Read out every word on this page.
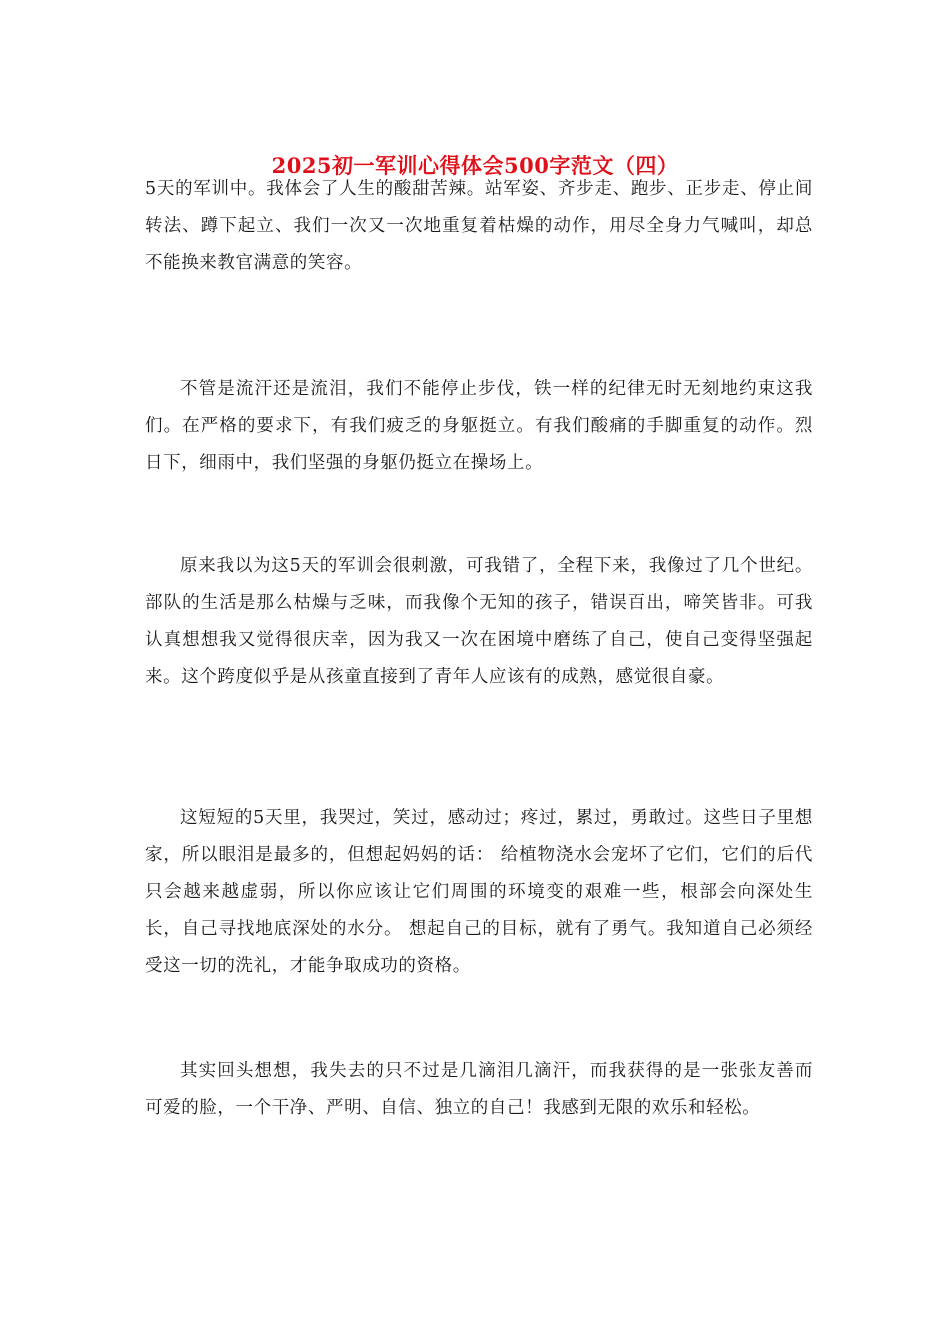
2025初一军训心得体会500字范文（四）

5天的军训中。我体会了人生的酸甜苦辣。站军姿、齐步走、跑步、正步走、停止间转法、蹲下起立、我们一次又一次地重复着枯燥的动作，用尽全身力气喊叫，却总不能换来教官满意的笑容。

不管是流汗还是流泪，我们不能停止步伐，铁一样的纪律无时无刻地约束这我们。在严格的要求下，有我们疲乏的身躯挺立。有我们酸痛的手脚重复的动作。烈日下，细雨中，我们坚强的身躯仍挺立在操场上。

原来我以为这5天的军训会很刺激，可我错了，全程下来，我像过了几个世纪。部队的生活是那么枯燥与乏味，而我像个无知的孩子，错误百出，啼笑皆非。可我认真想想我又觉得很庆幸，因为我又一次在困境中磨练了自己，使自己变得坚强起来。这个跨度似乎是从孩童直接到了青年人应该有的成熟，感觉很自豪。

这短短的5天里，我哭过，笑过，感动过；疼过，累过，勇敢过。这些日子里想家，所以眼泪是最多的，但想起妈妈的话： 给植物浇水会宠坏了它们，它们的后代只会越来越虚弱，所以你应该让它们周围的环境变的艰难一些，根部会向深处生长，自己寻找地底深处的水分。 想起自己的目标，就有了勇气。我知道自己必须经受这一切的洗礼，才能争取成功的资格。

其实回头想想，我失去的只不过是几滴泪几滴汗，而我获得的是一张张友善而可爱的脸，一个干净、严明、自信、独立的自己！我感到无限的欢乐和轻松。
